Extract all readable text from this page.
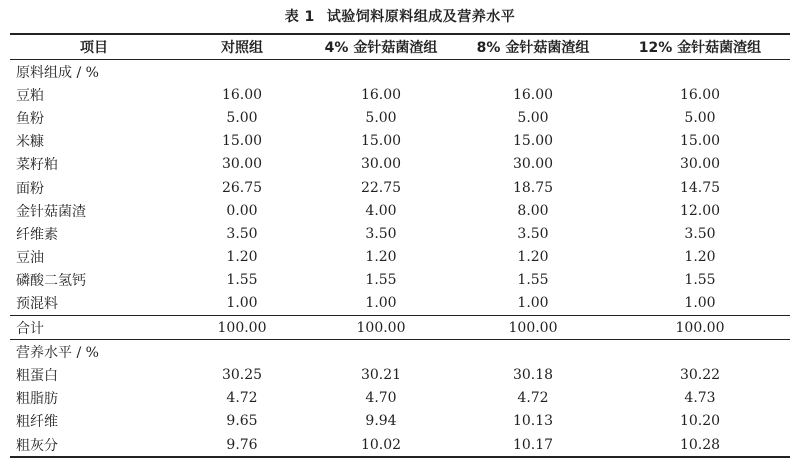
表 1 试验饲料原料组成及营养水平
项目	对照组	4% 金针菇菌渣组	8% 金针菇菌渣组	12% 金针菇菌渣组
原料组成 / %				
豆粕	16.00	16.00	16.00	16.00
鱼粉	5.00	5.00	5.00	5.00
米糠	15.00	15.00	15.00	15.00
菜籽粕	30.00	30.00	30.00	30.00
面粉	26.75	22.75	18.75	14.75
金针菇菌渣	0.00	4.00	8.00	12.00
纤维素	3.50	3.50	3.50	3.50
豆油	1.20	1.20	1.20	1.20
磷酸二氢钙	1.55	1.55	1.55	1.55
预混料	1.00	1.00	1.00	1.00
合计	100.00	100.00	100.00	100.00
营养水平 / %				
粗蛋白	30.25	30.21	30.18	30.22
粗脂肪	4.72	4.70	4.72	4.73
粗纤维	9.65	9.94	10.13	10.20
粗灰分	9.76	10.02	10.17	10.28
